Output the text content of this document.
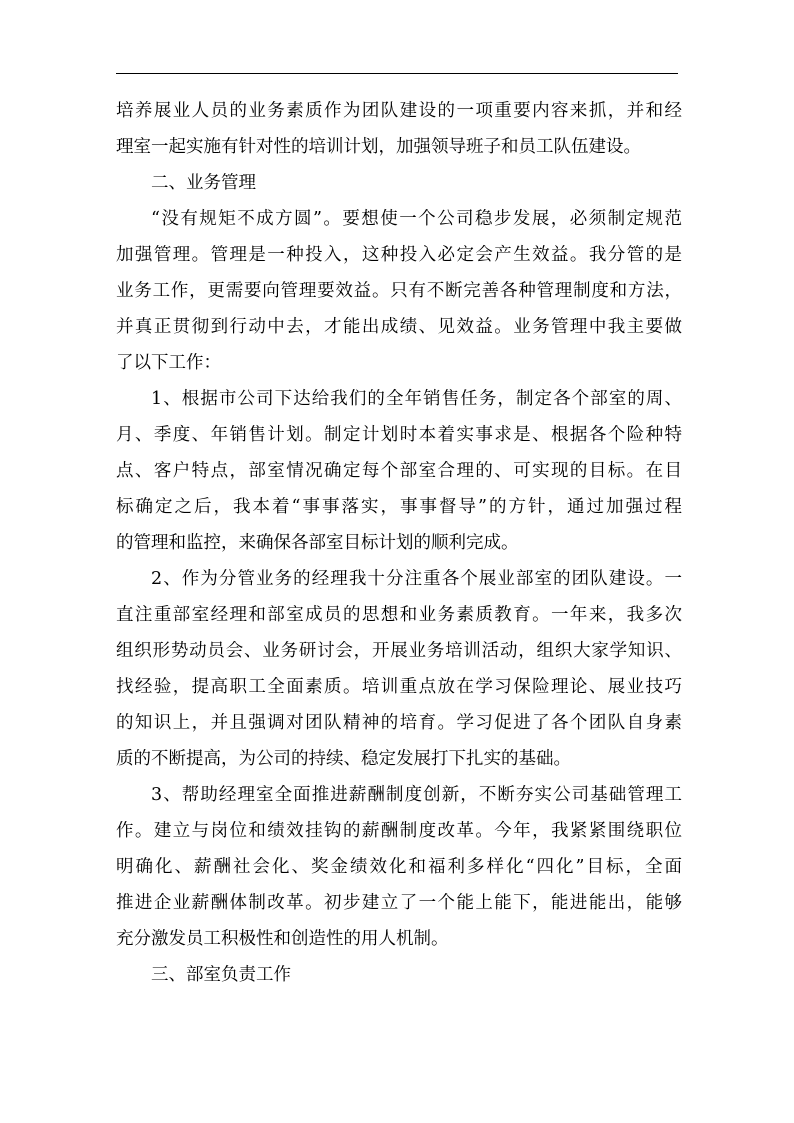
培养展业人员的业务素质作为团队建设的一项重要内容来抓，并和经
理室一起实施有针对性的培训计划，加强领导班子和员工队伍建设。
二、业务管理
“没有规矩不成方圆”。要想使一个公司稳步发展，必须制定规范
加强管理。管理是一种投入，这种投入必定会产生效益。我分管的是
业务工作，更需要向管理要效益。只有不断完善各种管理制度和方法，
并真正贯彻到行动中去，才能出成绩、见效益。业务管理中我主要做
了以下工作：
1、根据市公司下达给我们的全年销售任务，制定各个部室的周、
月、季度、年销售计划。制定计划时本着实事求是、根据各个险种特
点、客户特点，部室情况确定每个部室合理的、可实现的目标。在目
标确定之后，我本着“事事落实，事事督导”的方针，通过加强过程
的管理和监控，来确保各部室目标计划的顺利完成。
2、作为分管业务的经理我十分注重各个展业部室的团队建设。一
直注重部室经理和部室成员的思想和业务素质教育。一年来，我多次
组织形势动员会、业务研讨会，开展业务培训活动，组织大家学知识、
找经验，提高职工全面素质。培训重点放在学习保险理论、展业技巧
的知识上，并且强调对团队精神的培育。学习促进了各个团队自身素
质的不断提高，为公司的持续、稳定发展打下扎实的基础。
3、帮助经理室全面推进薪酬制度创新，不断夯实公司基础管理工
作。建立与岗位和绩效挂钩的薪酬制度改革。今年，我紧紧围绕职位
明确化、薪酬社会化、奖金绩效化和福利多样化“四化”目标，全面
推进企业薪酬体制改革。初步建立了一个能上能下，能进能出，能够
充分激发员工积极性和创造性的用人机制。
三、部室负责工作
